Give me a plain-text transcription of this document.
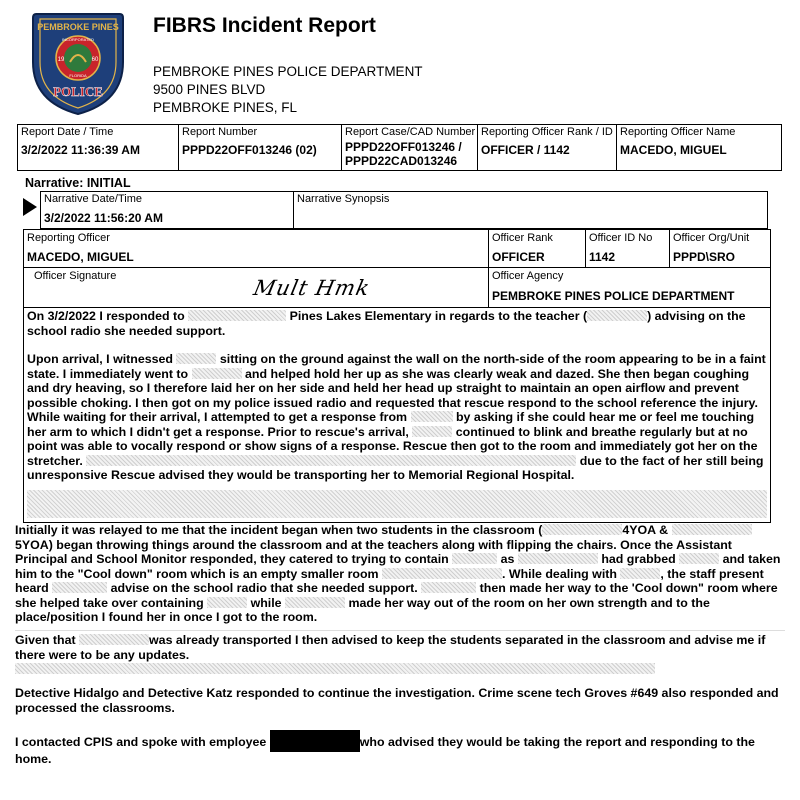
PEMBROKE PINES
INCORPORATED
19	60
FLORIDA
POLICE
FIBRS Incident Report
PEMBROKE PINES POLICE DEPARTMENT
9500 PINES BLVD
PEMBROKE PINES, FL
Report Date / Time
3/2/2022 11:36:39 AM
Report Number
PPPD22OFF013246 (02)
Report Case/CAD Number
PPPD22OFF013246 /
PPPD22CAD013246
Reporting Officer Rank / ID
OFFICER / 1142
Reporting Officer Name
MACEDO, MIGUEL
Narrative: INITIAL
Narrative Date/Time
3/2/2022 11:56:20 AM
Narrative Synopsis
Reporting Officer
MACEDO, MIGUEL
Officer Rank
OFFICER
Officer ID No
1142
Officer Org/Unit
PPPD\SRO
Officer Signature	Mult Hmk	Officer Agency
PEMBROKE PINES POLICE DEPARTMENT
On 3/2/2022 I responded to	Pines Lakes Elementary in regards to the teacher (	) advising on the school radio she needed support.
Upon arrival, I witnessed	sitting on the ground against the wall on the north-side of the room appearing to be in a faint state. I immediately went to	and helped hold her up as she was clearly weak and dazed. She then began coughing and dry heaving, so I therefore laid her on her side and held her head up straight to maintain an open airflow and prevent possible choking. I then got on my police issued radio and requested that rescue respond to the school reference the injury. While waiting for their arrival, I attempted to get a response from	by asking if she could hear me or feel me touching her arm to which I didn't get a response. Prior to rescue's arrival,	continued to blink and breathe regularly but at no point was able to vocally respond or show signs of a response. Rescue then got to the room and immediately got her on the stretcher.	due to the fact of her still being unresponsive Rescue advised they would be transporting her to Memorial Regional Hospital.
Initially it was relayed to me that the incident began when two students in the classroom (	4YOA & 5YOA) began throwing things around the classroom and at the teachers along with flipping the chairs. Once the Assistant Principal and School Monitor responded, they catered to trying to contain	as	had grabbed	and taken him to the "Cool down" room which is an empty smaller room	. While dealing with	, the staff present heard	advise on the school radio that she needed support.	then made her way to the 'Cool down" room where she helped take over containing	while	made her way out of the room on her own strength and to the place/position I found her in once I got to the room.
Given that	was already transported I then advised to keep the students separated in the classroom and advise me if there were to be any updates.
Detective Hidalgo and Detective Katz responded to continue the investigation. Crime scene tech Groves #649 also responded and processed the classrooms.
I contacted CPIS and spoke with employee	who advised they would be taking the report and responding to the home.
